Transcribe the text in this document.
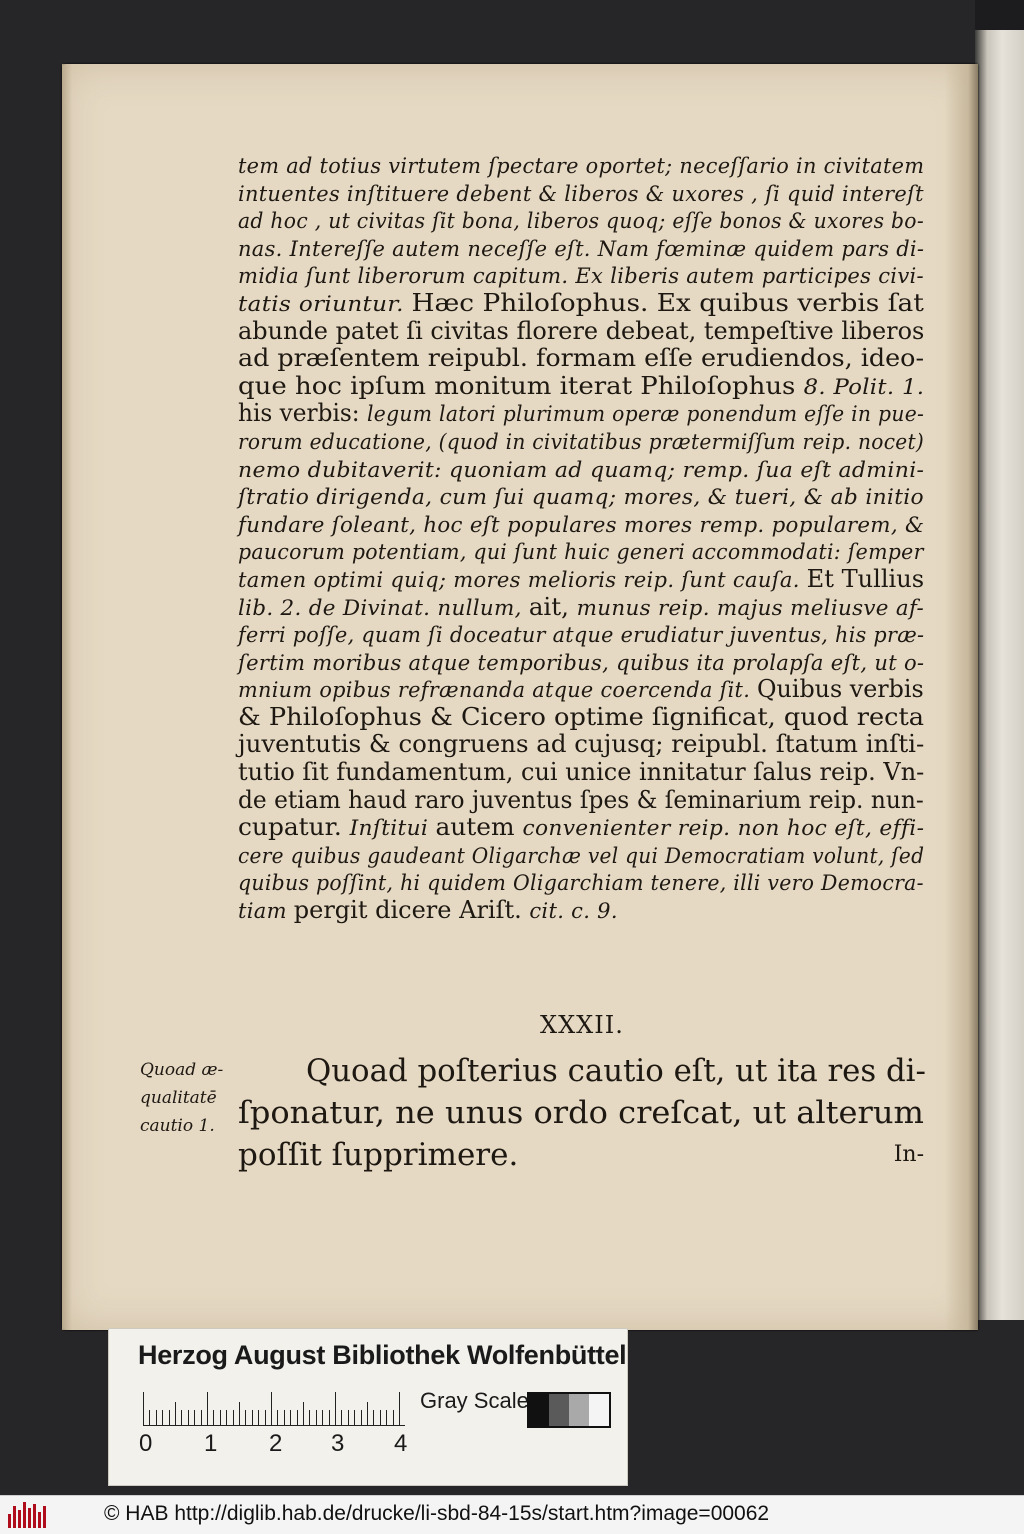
tem ad totius virtutem ſpectare oportet; neceſſario in civitatem
intuentes inſtituere debent & liberos & uxores , ſi quid intereſt
ad hoc , ut civitas ſit bona, liberos quoq; eſſe bonos & uxores bo-
nas. Intereſſe autem neceſſe eſt. Nam fœminæ quidem pars di-
midia ſunt liberorum capitum. Ex liberis autem participes civi-
tatis oriuntur. Hæc Philoſophus. Ex quibus verbis ſat
abunde patet ſi civitas florere debeat, tempeſtive liberos
ad præſentem reipubl. formam eſſe erudiendos, ideo-
que hoc ipſum monitum iterat Philoſophus 8. Polit. 1.
his verbis: legum latori plurimum operæ ponendum eſſe in pue-
rorum educatione, (quod in civitatibus prætermiſſum reip. nocet)
nemo dubitaverit: quoniam ad quamq; remp. ſua eſt admini-
ſtratio dirigenda, cum ſui quamq; mores, & tueri, & ab initio
fundare ſoleant, hoc eſt populares mores remp. popularem, &
paucorum potentiam, qui ſunt huic generi accommodati: ſemper
tamen optimi quiq; mores melioris reip. ſunt cauſa. Et Tullius
lib. 2. de Divinat. nullum, ait, munus reip. majus meliusve af-
ferri poſſe, quam ſi doceatur atque erudiatur juventus, his præ-
ſertim moribus atque temporibus, quibus ita prolapſa eſt, ut o-
mnium opibus refrænanda atque coercenda ſit. Quibus verbis
& Philoſophus & Cicero optime ſignificat, quod recta
juventutis & congruens ad cujusq; reipubl. ſtatum inſti-
tutio ſit fundamentum, cui unice innitatur ſalus reip. Vn-
de etiam haud raro juventus ſpes & ſeminarium reip. nun-
cupatur. Inſtitui autem convenienter reip. non hoc eſt, effi-
cere quibus gaudeant Oligarchæ vel qui Democratiam volunt, ſed
quibus poſſint, hi quidem Oligarchiam tenere, illi vero Democra-
tiam pergit dicere Ariſt. cit. c. 9.
XXXII.
Quoad poſterius cautio eſt, ut ita res di-
ſponatur, ne unus ordo creſcat, ut alterum
poſſit ſupprimere.	In-
Quoad æ-
qualitatē
cautio 1.
Herzog August Bibliothek Wolfenbüttel
0 1 2 3 4
Gray Scale
© HAB http://diglib.hab.de/drucke/li-sbd-84-15s/start.htm?image=00062
